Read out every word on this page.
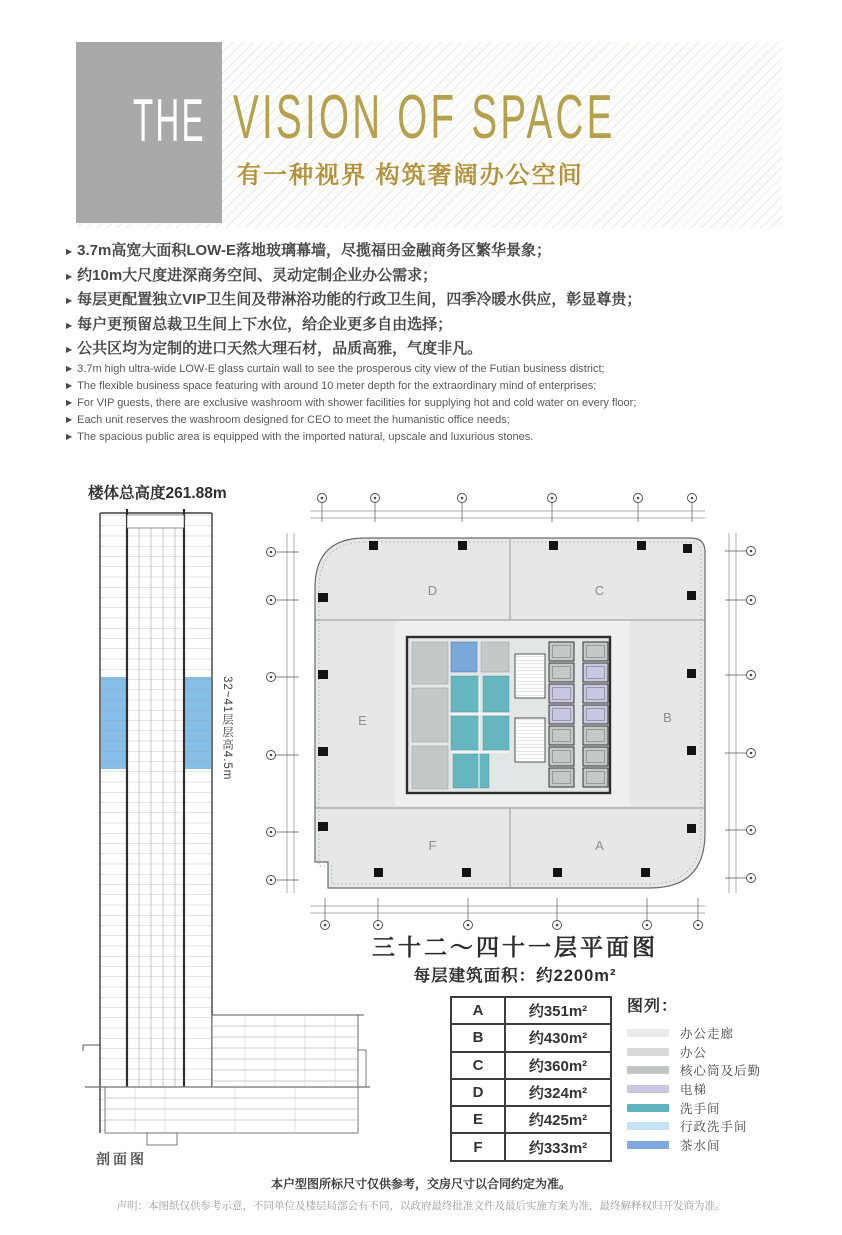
THE VISION OF SPACE
有一种视界 构筑奢阔办公空间
▶ 3.7m高宽大面积LOW-E落地玻璃幕墙，尽揽福田金融商务区繁华景象；
▶ 约10m大尺度进深商务空间、灵动定制企业办公需求；
▶ 每层更配置独立VIP卫生间及带淋浴功能的行政卫生间，四季冷暖水供应，彰显尊贵；
▶ 每户更预留总裁卫生间上下水位，给企业更多自由选择；
▶ 公共区均为定制的进口天然大理石材，品质高雅，气度非凡。
▶ 3.7m high ultra-wide LOW-E glass curtain wall to see the prosperous city view of the Futian business district;
▶ The flexible business space featuring with around 10 meter depth for the extraordinary mind of enterprises;
▶ For VIP guests, there are exclusive washroom with shower facilities for supplying hot and cold water on every floor;
▶ Each unit reserves the washroom designed for CEO to meet the humanistic office needs;
▶ The spacious public area is equipped with the imported natural, upscale and luxurious stones.
楼体总高度261.88m
32~41层层高4.5m
剖面图
D	C
E	B
F	A
三十二～四十一层平面图
每层建筑面积：约2200m²
A	约351m²
B	约430m²
C	约360m²
D	约324m²
E	约425m²
F	约333m²
图列：
办公走廊
办公
核心筒及后勤
电梯
洗手间
行政洗手间
茶水间
本户型图所标尺寸仅供参考，交房尺寸以合同约定为准。
声明：本图纸仅供参考示意，不同单位及楼层局部会有不同，以政府最终批准文件及最后实施方案为准，最终解释权归开发商为准。
